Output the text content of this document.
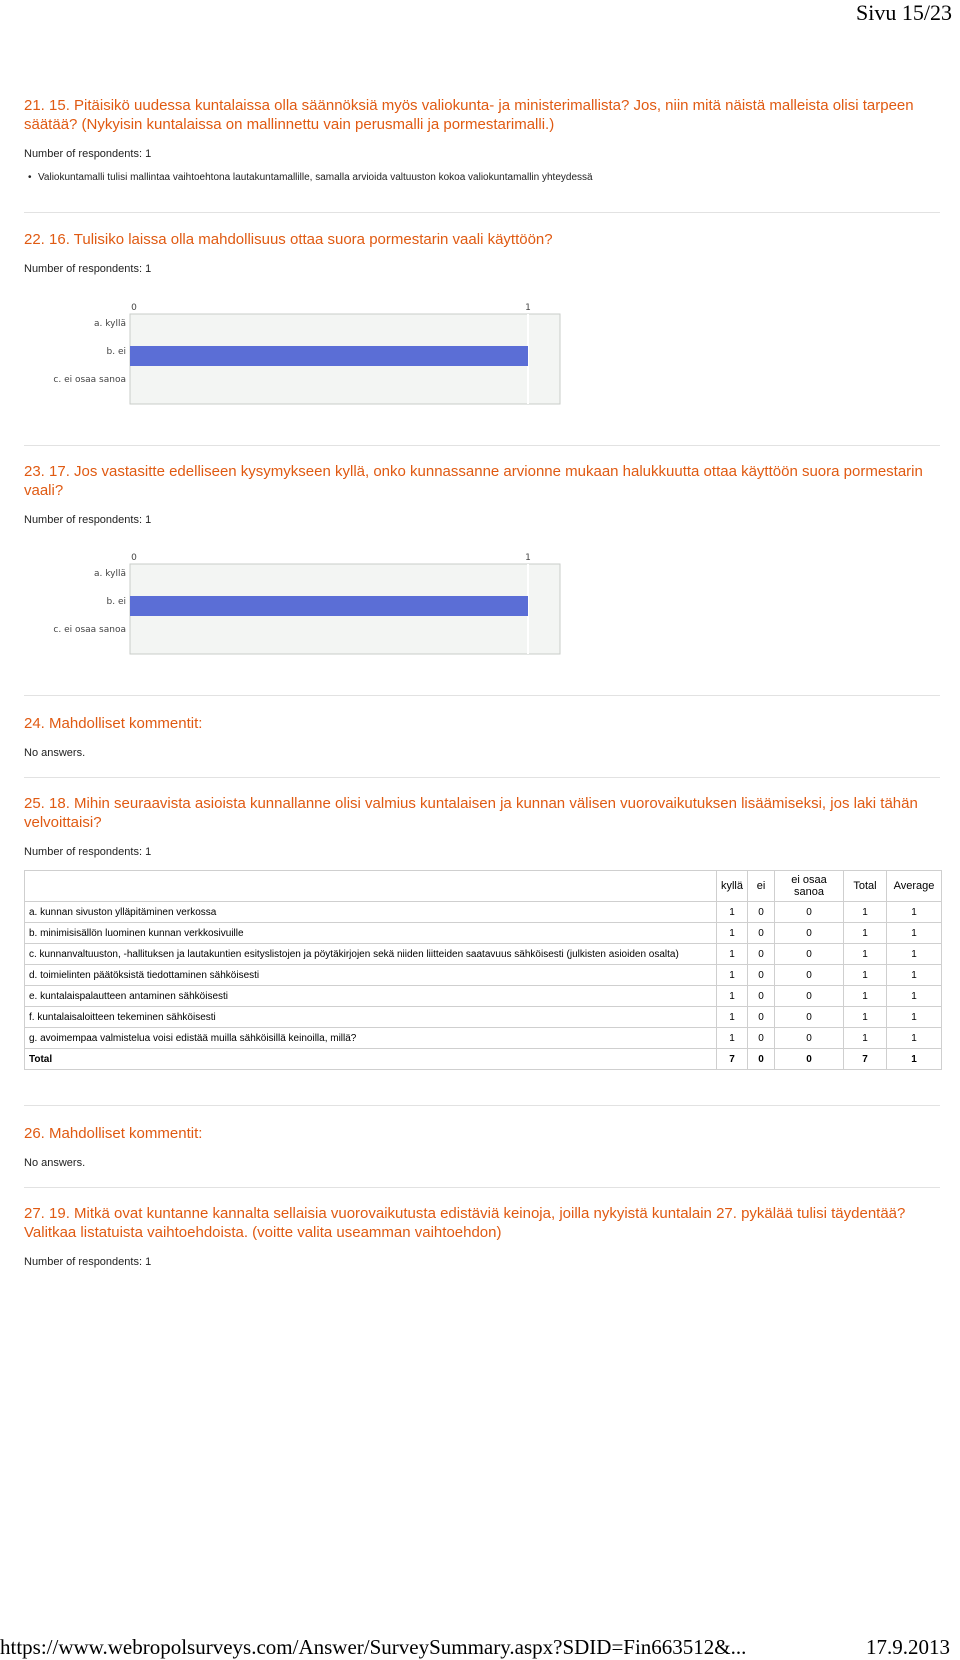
Sivu 15/23

21. 15. Pitäisikö uudessa kuntalaissa olla säännöksiä myös valiokunta- ja ministerimallista? Jos, niin mitä näistä malleista olisi tarpeen säätää? (Nykyisin kuntalaissa on mallinnettu vain perusmalli ja pormestarimalli.)

Number of respondents: 1
• Valiokuntamalli tulisi mallintaa vaihtoehtona lautakuntamallille, samalla arvioida valtuuston kokoa valiokuntamallin yhteydessä

22. 16. Tulisiko laissa olla mahdollisuus ottaa suora pormestarin vaali käyttöön?

Number of respondents: 1
0	1
a. kyllä
b. ei
c. ei osaa sanoa

23. 17. Jos vastasitte edelliseen kysymykseen kyllä, onko kunnassanne arvionne mukaan halukkuutta ottaa käyttöön suora pormestarin vaali?

Number of respondents: 1
0	1
a. kyllä
b. ei
c. ei osaa sanoa

24. Mahdolliset kommentit:

No answers.

25. 18. Mihin seuraavista asioista kunnallanne olisi valmius kuntalaisen ja kunnan välisen vuorovaikutuksen lisäämiseksi, jos laki tähän velvoittaisi?

Number of respondents: 1
	kyllä	ei	ei osaa sanoa	Total	Average
a. kunnan sivuston ylläpitäminen verkossa	1	0	0	1	1
b. minimisisällön luominen kunnan verkkosivuille	1	0	0	1	1
c. kunnanvaltuuston, -hallituksen ja lautakuntien esityslistojen ja pöytäkirjojen sekä niiden liitteiden saatavuus sähköisesti (julkisten asioiden osalta)	1	0	0	1	1
d. toimielinten päätöksistä tiedottaminen sähköisesti	1	0	0	1	1
e. kuntalaispalautteen antaminen sähköisesti	1	0	0	1	1
f. kuntalaisaloitteen tekeminen sähköisesti	1	0	0	1	1
g. avoimempaa valmistelua voisi edistää muilla sähköisillä keinoilla, millä?	1	0	0	1	1
Total	7	0	0	7	1

26. Mahdolliset kommentit:

No answers.

27. 19. Mitkä ovat kuntanne kannalta sellaisia vuorovaikutusta edistäviä keinoja, joilla nykyistä kuntalain 27. pykälää tulisi täydentää? Valitkaa listatuista vaihtoehdoista. (voitte valita useamman vaihtoehdon)

Number of respondents: 1
https://www.webropolsurveys.com/Answer/SurveySummary.aspx?SDID=Fin663512&...	17.9.2013
